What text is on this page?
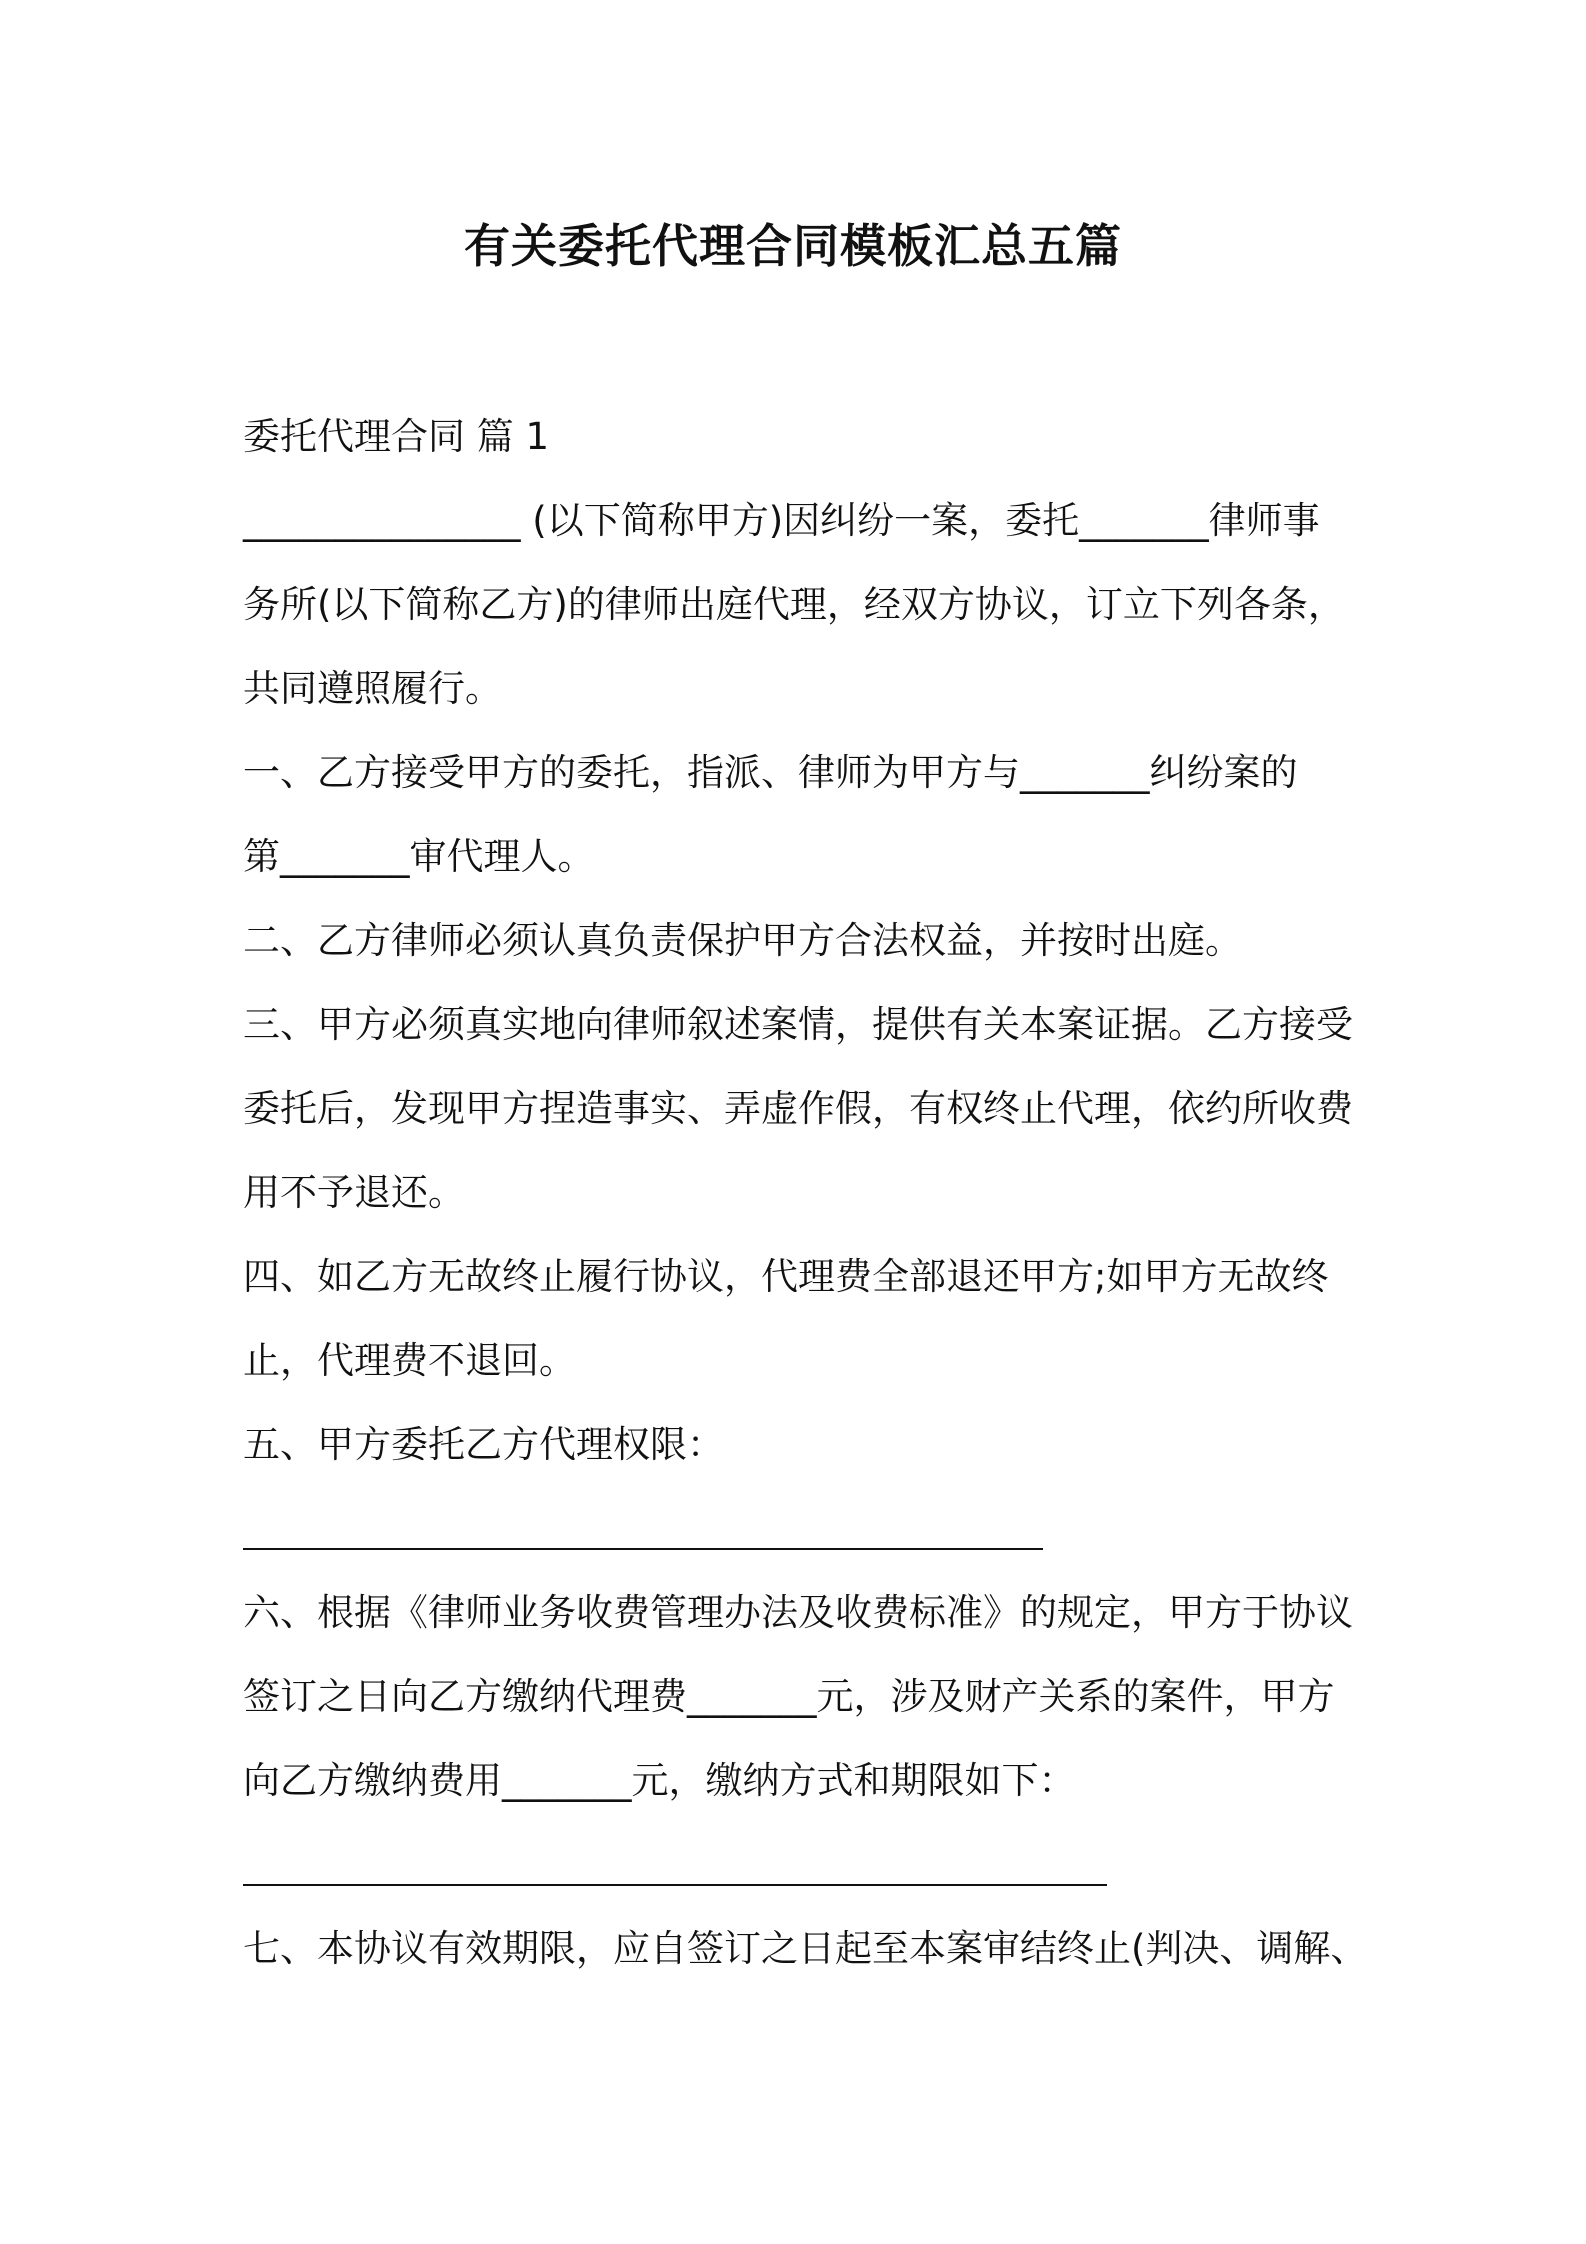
有关委托代理合同模板汇总五篇
委托代理合同 篇 1
_______________ (以下简称甲方)因纠纷一案，委托_______律师事
务所(以下简称乙方)的律师出庭代理，经双方协议，订立下列各条，
共同遵照履行。
一、乙方接受甲方的委托，指派、律师为甲方与_______纠纷案的
第_______审代理人。
二、乙方律师必须认真负责保护甲方合法权益，并按时出庭。
三、甲方必须真实地向律师叙述案情，提供有关本案证据。乙方接受
委托后，发现甲方捏造事实、弄虚作假，有权终止代理，依约所收费
用不予退还。
四、如乙方无故终止履行协议，代理费全部退还甲方;如甲方无故终
止，代理费不退回。
五、甲方委托乙方代理权限：
六、根据《律师业务收费管理办法及收费标准》的规定，甲方于协议
签订之日向乙方缴纳代理费_______元，涉及财产关系的案件，甲方
向乙方缴纳费用_______元，缴纳方式和期限如下：
七、本协议有效期限，应自签订之日起至本案审结终止(判决、调解、
